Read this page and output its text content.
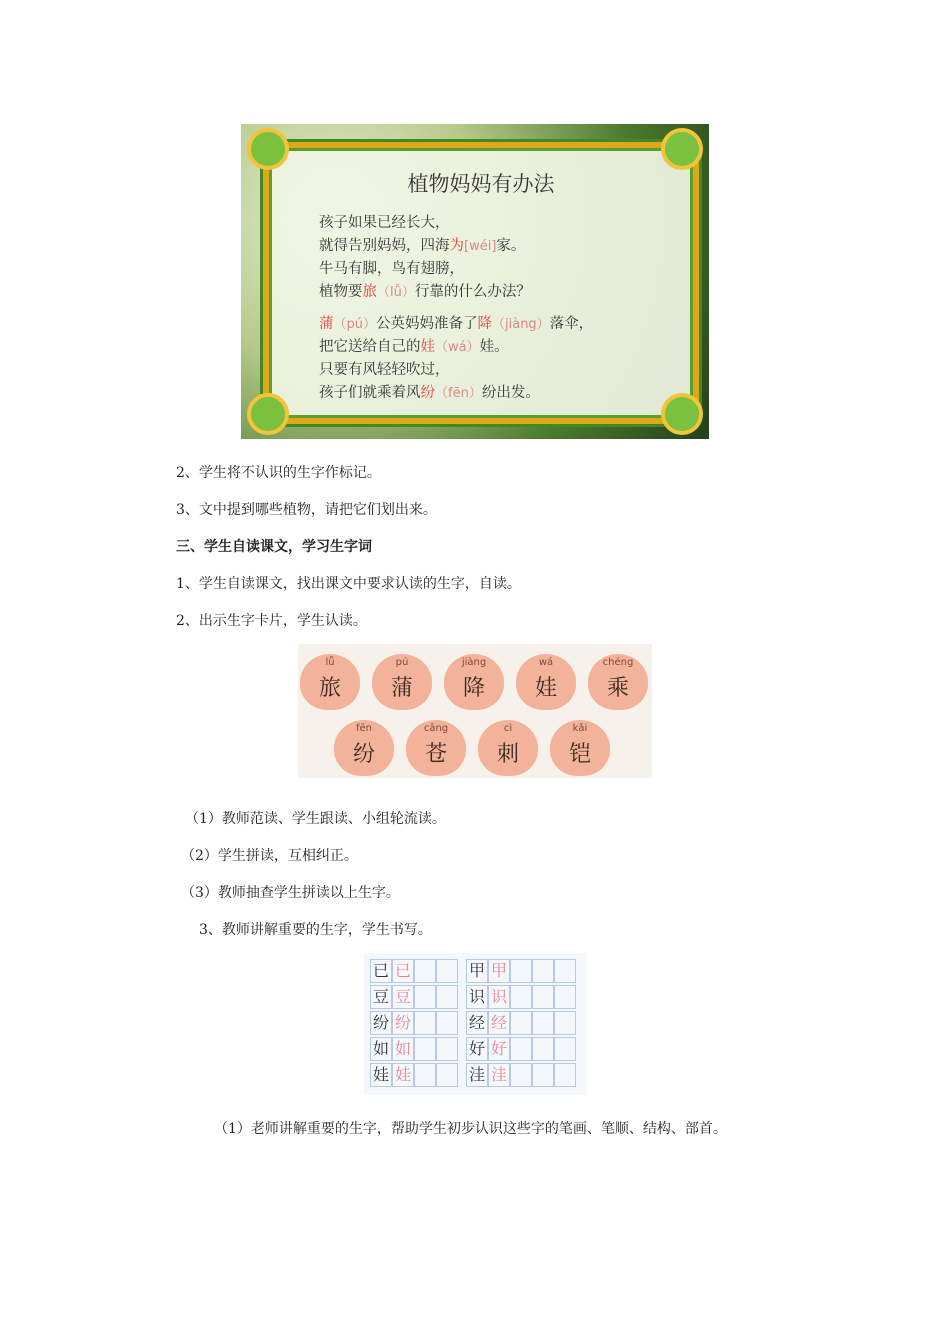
植物妈妈有办法
孩子如果已经长大，
就得告别妈妈，四海为[wéi]家。
牛马有脚，鸟有翅膀，
植物要旅（lǚ）行靠的什么办法？
蒲（pú）公英妈妈准备了降（jiàng）落伞，
把它送给自己的娃（wá）娃。
只要有风轻轻吹过，
孩子们就乘着风纷（fēn）纷出发。
2、学生将不认识的生字作标记。
3、文中提到哪些植物，请把它们划出来。
三、学生自读课文，学习生字词
1、学生自读课文，找出课文中要求认读的生字，自读。
2、出示生字卡片，学生认读。
lǚ
旅
pú
蒲
jiàng
降
wá
娃
chéng
乘
fēn
纷
cāng
苍
cì
刺
kǎi
铠
（1）教师范读、学生跟读、小组轮流读。
（2）学生拼读，互相纠正。
（3）教师抽查学生拼读以上生字。
3、教师讲解重要的生字，学生书写。
已 已	甲 甲
豆 豆	识 识
纷 纷	经 经
如 如	好 好
娃 娃	洼 洼
（1）老师讲解重要的生字，帮助学生初步认识这些字的笔画、笔顺、结构、部首。
